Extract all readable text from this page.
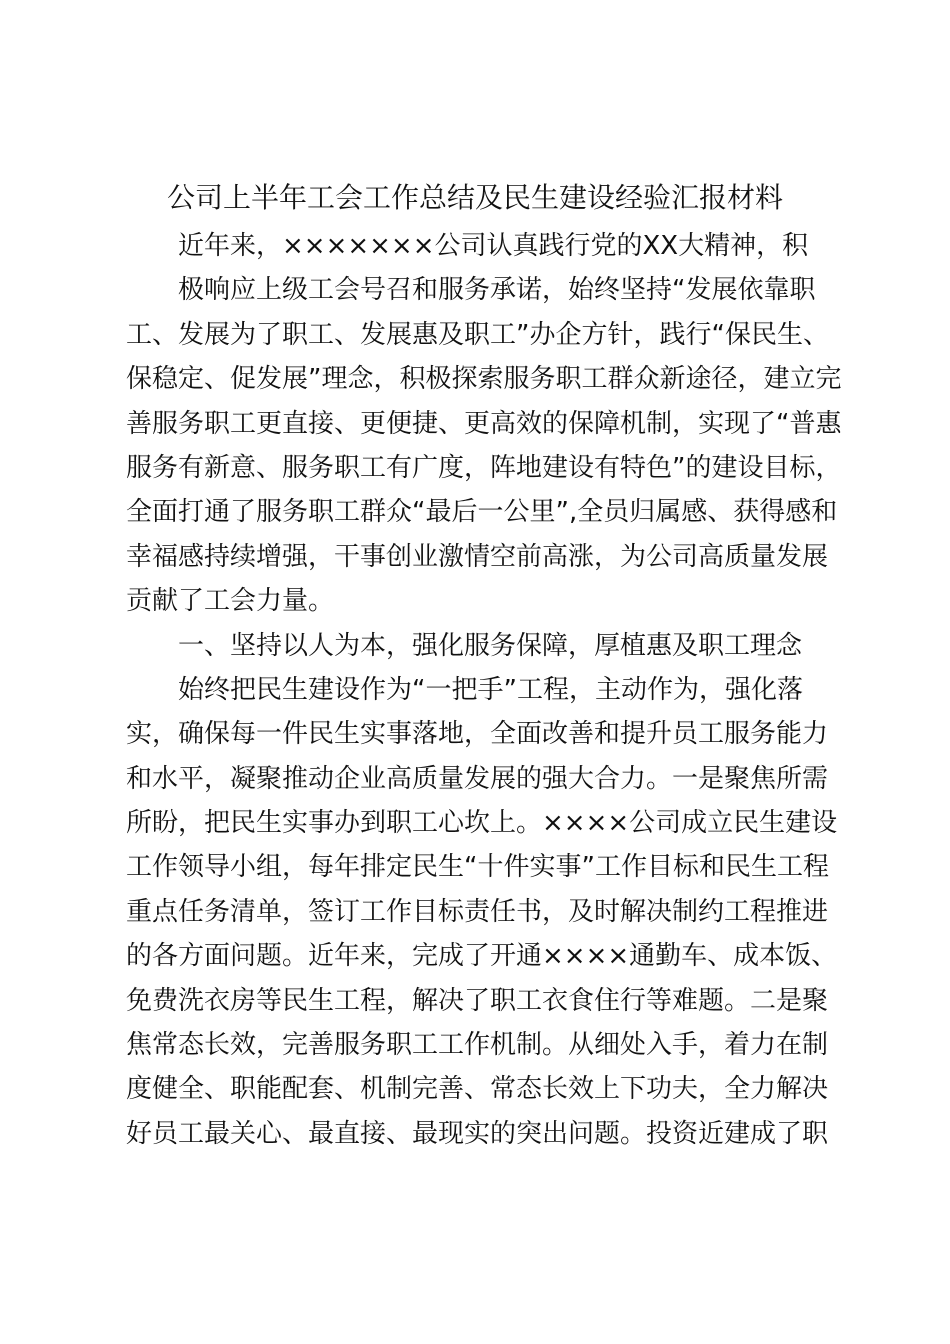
公司上半年工会工作总结及民生建设经验汇报材料
近年来，×××××××公司认真践行党的XX大精神，积
极响应上级工会号召和服务承诺，始终坚持“发展依靠职
工、发展为了职工、发展惠及职工”办企方针，践行“保民生、
保稳定、促发展”理念，积极探索服务职工群众新途径，建立完
善服务职工更直接、更便捷、更高效的保障机制，实现了“普惠
服务有新意、服务职工有广度，阵地建设有特色”的建设目标，
全面打通了服务职工群众“最后一公里”,全员归属感、获得感和
幸福感持续增强，干事创业激情空前高涨，为公司高质量发展
贡献了工会力量。
一、坚持以人为本，强化服务保障，厚植惠及职工理念
始终把民生建设作为“一把手”工程，主动作为，强化落
实，确保每一件民生实事落地，全面改善和提升员工服务能力
和水平，凝聚推动企业高质量发展的强大合力。一是聚焦所需
所盼，把民生实事办到职工心坎上。××××公司成立民生建设
工作领导小组，每年排定民生“十件实事”工作目标和民生工程
重点任务清单，签订工作目标责任书，及时解决制约工程推进
的各方面问题。近年来，完成了开通××××通勤车、成本饭、
免费洗衣房等民生工程，解决了职工衣食住行等难题。二是聚
焦常态长效，完善服务职工工作机制。从细处入手，着力在制
度健全、职能配套、机制完善、常态长效上下功夫，全力解决
好员工最关心、最直接、最现实的突出问题。投资近建成了职
